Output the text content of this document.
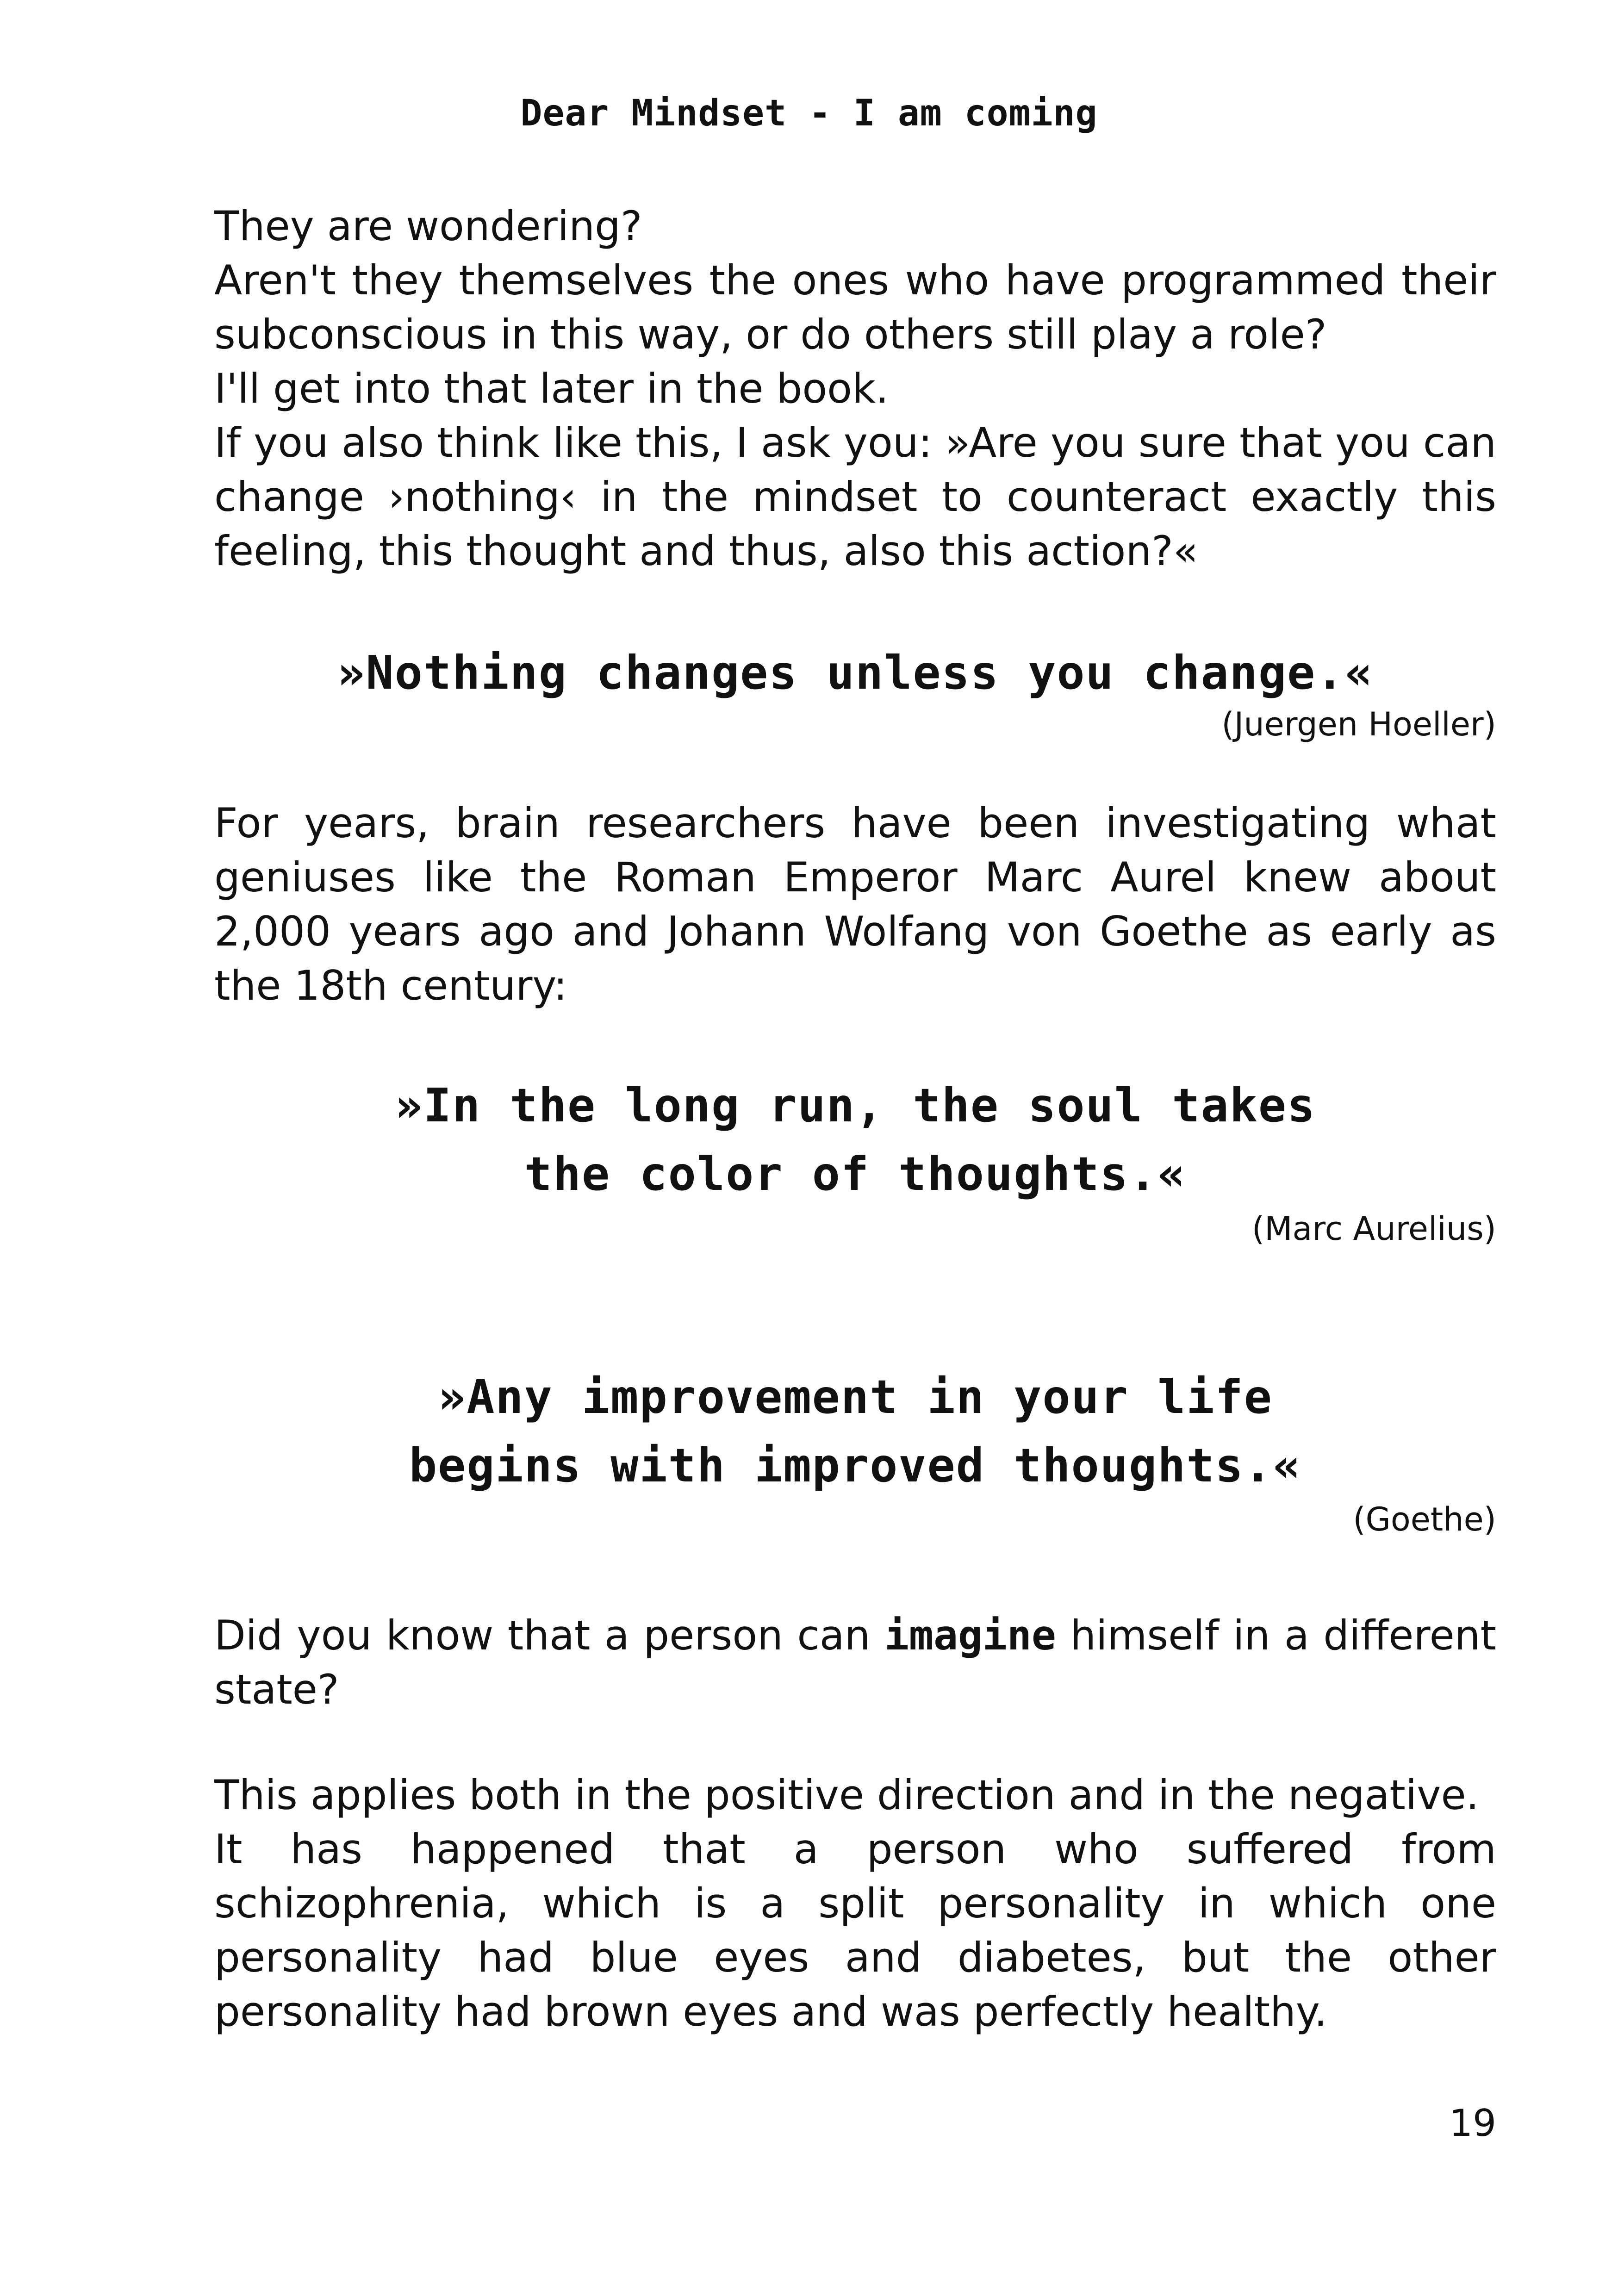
Dear Mindset - I am coming

They are wondering?

Aren't they themselves the ones who have programmed their subconscious in this way, or do others still play a role?

I'll get into that later in the book.

If you also think like this, I ask you: »Are you sure that you can change ›nothing‹ in the mindset to counteract exactly this feeling, this thought and thus, also this action?«

»Nothing changes unless you change.«
(Juergen Hoeller)

For years, brain researchers have been investigating what geniuses like the Roman Emperor Marc Aurel knew about 2,000 years ago and Johann Wolfang von Goethe as early as the 18th century:

»In the long run, the soul takes
the color of thoughts.«
(Marc Aurelius)
»Any improvement in your life
begins with improved thoughts.«
(Goethe)

Did you know that a person can imagine himself in a different state?

This applies both in the positive direction and in the negative.

It has happened that a person who suffered from schizophrenia, which is a split personality in which one personality had blue eyes and diabetes, but the other personality had brown eyes and was perfectly healthy.

19
